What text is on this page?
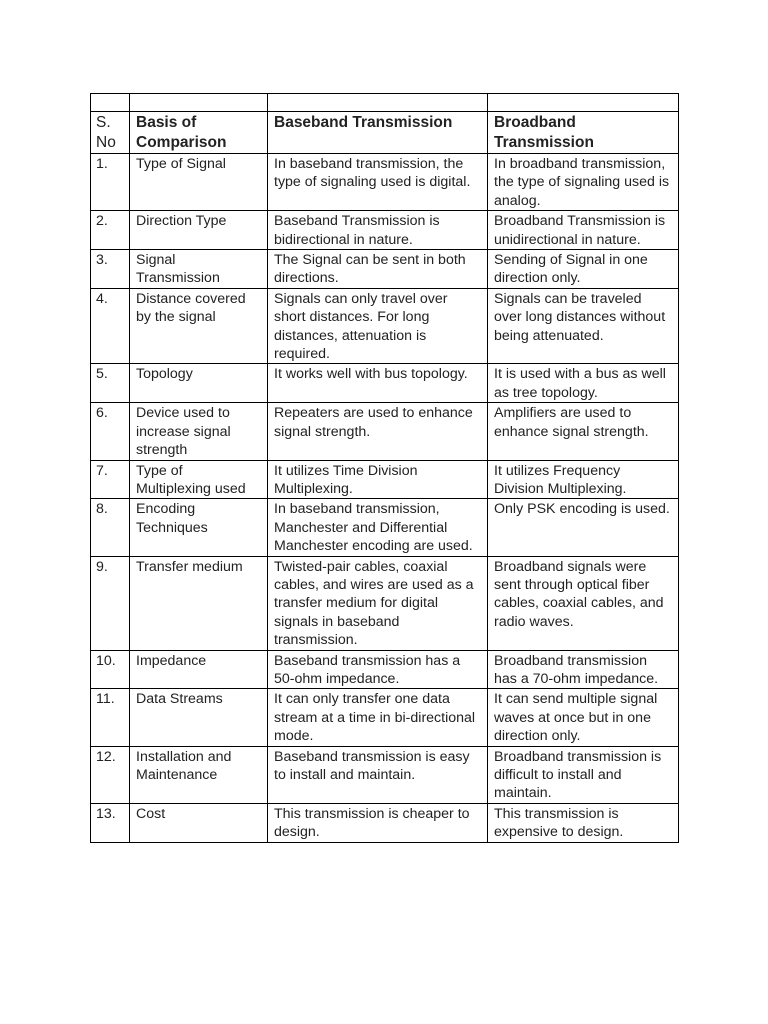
S. No	Basis of Comparison	Baseband Transmission	Broadband Transmission
1.	Type of Signal	In baseband transmission, the type of signaling used is digital.	In broadband transmission, the type of signaling used is analog.
2.	Direction Type	Baseband Transmission is bidirectional in nature.	Broadband Transmission is unidirectional in nature.
3.	Signal Transmission	The Signal can be sent in both directions.	Sending of Signal in one direction only.
4.	Distance covered by the signal	Signals can only travel over short distances. For long distances, attenuation is required.	Signals can be traveled over long distances without being attenuated.
5.	Topology	It works well with bus topology.	It is used with a bus as well as tree topology.
6.	Device used to increase signal strength	Repeaters are used to enhance signal strength.	Amplifiers are used to enhance signal strength.
7.	Type of Multiplexing used	It utilizes Time Division Multiplexing.	It utilizes Frequency Division Multiplexing.
8.	Encoding Techniques	In baseband transmission, Manchester and Differential Manchester encoding are used.	Only PSK encoding is used.
9.	Transfer medium	Twisted-pair cables, coaxial cables, and wires are used as a transfer medium for digital signals in baseband transmission.	Broadband signals were sent through optical fiber cables, coaxial cables, and radio waves.
10.	Impedance	Baseband transmission has a 50-ohm impedance.	Broadband transmission has a 70-ohm impedance.
11.	Data Streams	It can only transfer one data stream at a time in bi-directional mode.	It can send multiple signal waves at once but in one direction only.
12.	Installation and Maintenance	Baseband transmission is easy to install and maintain.	Broadband transmission is difficult to install and maintain.
13.	Cost	This transmission is cheaper to design.	This transmission is expensive to design.
